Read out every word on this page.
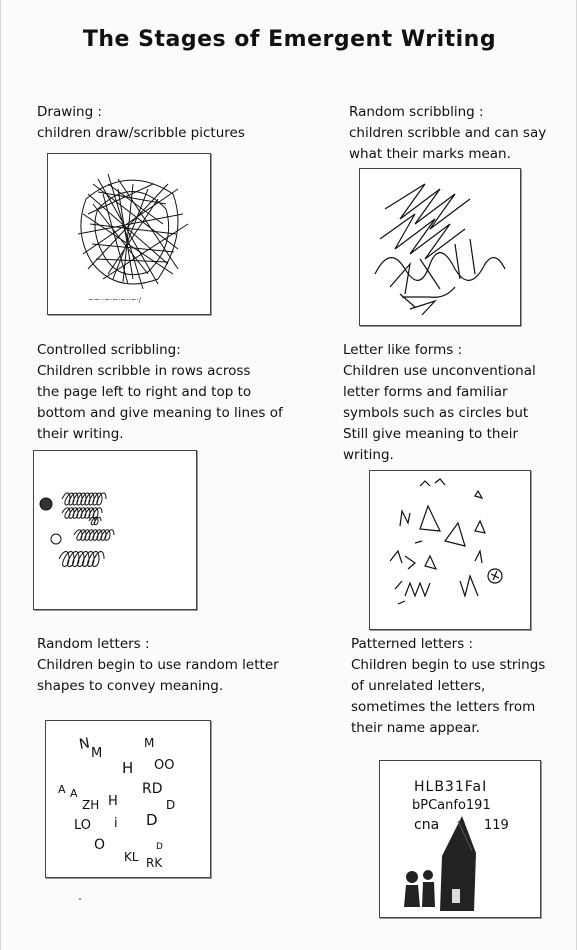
The Stages of Emergent Writing

Drawing :

children draw/scribble pictures

~~··~·~·~··~·/

Random scribbling :

children scribble and can say

what their marks mean.

Controlled scribbling:

Children scribble in rows across

the page left to right and top to

bottom and give meaning to lines of

their writing.

Letter like forms :

Children use unconventional

letter forms and familiar

symbols such as circles but

Still give meaning to their

writing.

Random letters :

Children begin to use random letter

shapes to convey meaning.

N
M
M
H OO
A A
ZH H
RD
D
LO i D
O
KL RK
D

Patterned letters :

Children begin to use strings

of unrelated letters,

sometimes the letters from

their name appear.

HLB31FaI
bPCanfo191
cna	119
